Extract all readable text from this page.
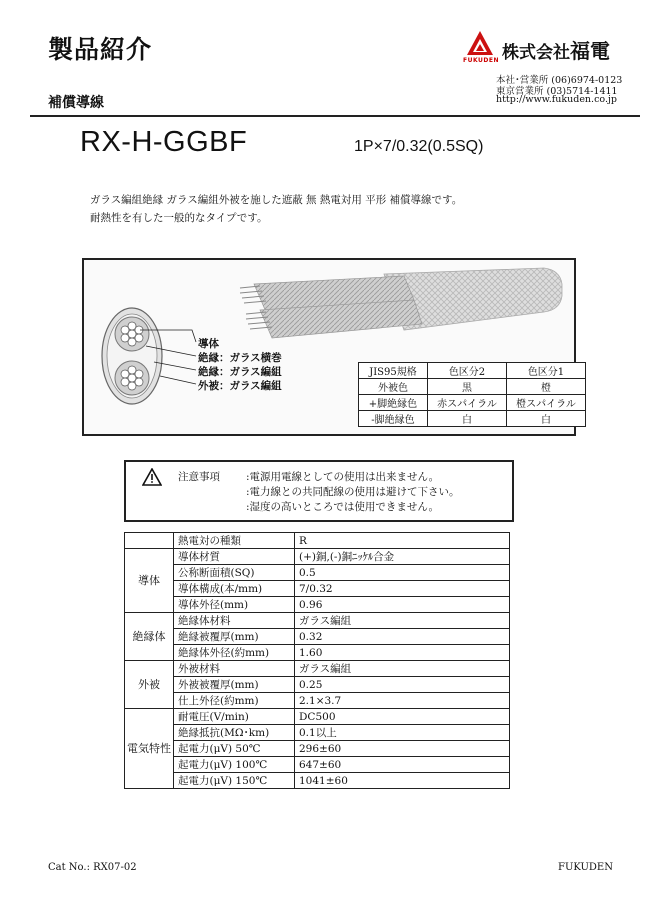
製品紹介
補償導線
FUKUDEN 株式会社福電
本社･営業所 (06)6974-0123
東京営業所 (03)5714-1411
http://www.fukuden.co.jp
RX-H-GGBF	1P×7/0.32(0.5SQ)
ガラス編組絶縁 ガラス編組外被を施した遮蔽 無 熱電対用 平形 補償導線です。
耐熱性を有した一般的なタイプです。
導体
絶縁：ガラス横巻
絶縁：ガラス編組
外被：ガラス編組
JIS95規格	色区分2	色区分1
外被色	黒	橙
+脚絶縁色	赤スパイラル	橙スパイラル
-脚絶縁色	白	白
注意事項 :電源用電線としての使用は出来ません。
:電力線との共同配線の使用は避けて下さい。
:湿度の高いところでは使用できません。
	熱電対の種類	R
導体	導体材質	(+)銅,(-)銅ﾆｯｹﾙ合金
	公称断面積(SQ)	0.5
	導体構成(本/mm)	7/0.32
	導体外径(mm)	0.96
絶縁体	絶縁体材料	ガラス編組
	絶縁被覆厚(mm)	0.32
	絶縁体外径(約mm)	1.60
外被	外被材料	ガラス編組
	外被被覆厚(mm)	0.25
	仕上外径(約mm)	2.1×3.7
電気特性	耐電圧(V/min)	DC500
	絶縁抵抗(MΩ･km)	0.1以上
	起電力(μV) 50℃	296±60
	起電力(μV) 100℃	647±60
	起電力(μV) 150℃	1041±60
Cat No.: RX07-02	FUKUDEN
